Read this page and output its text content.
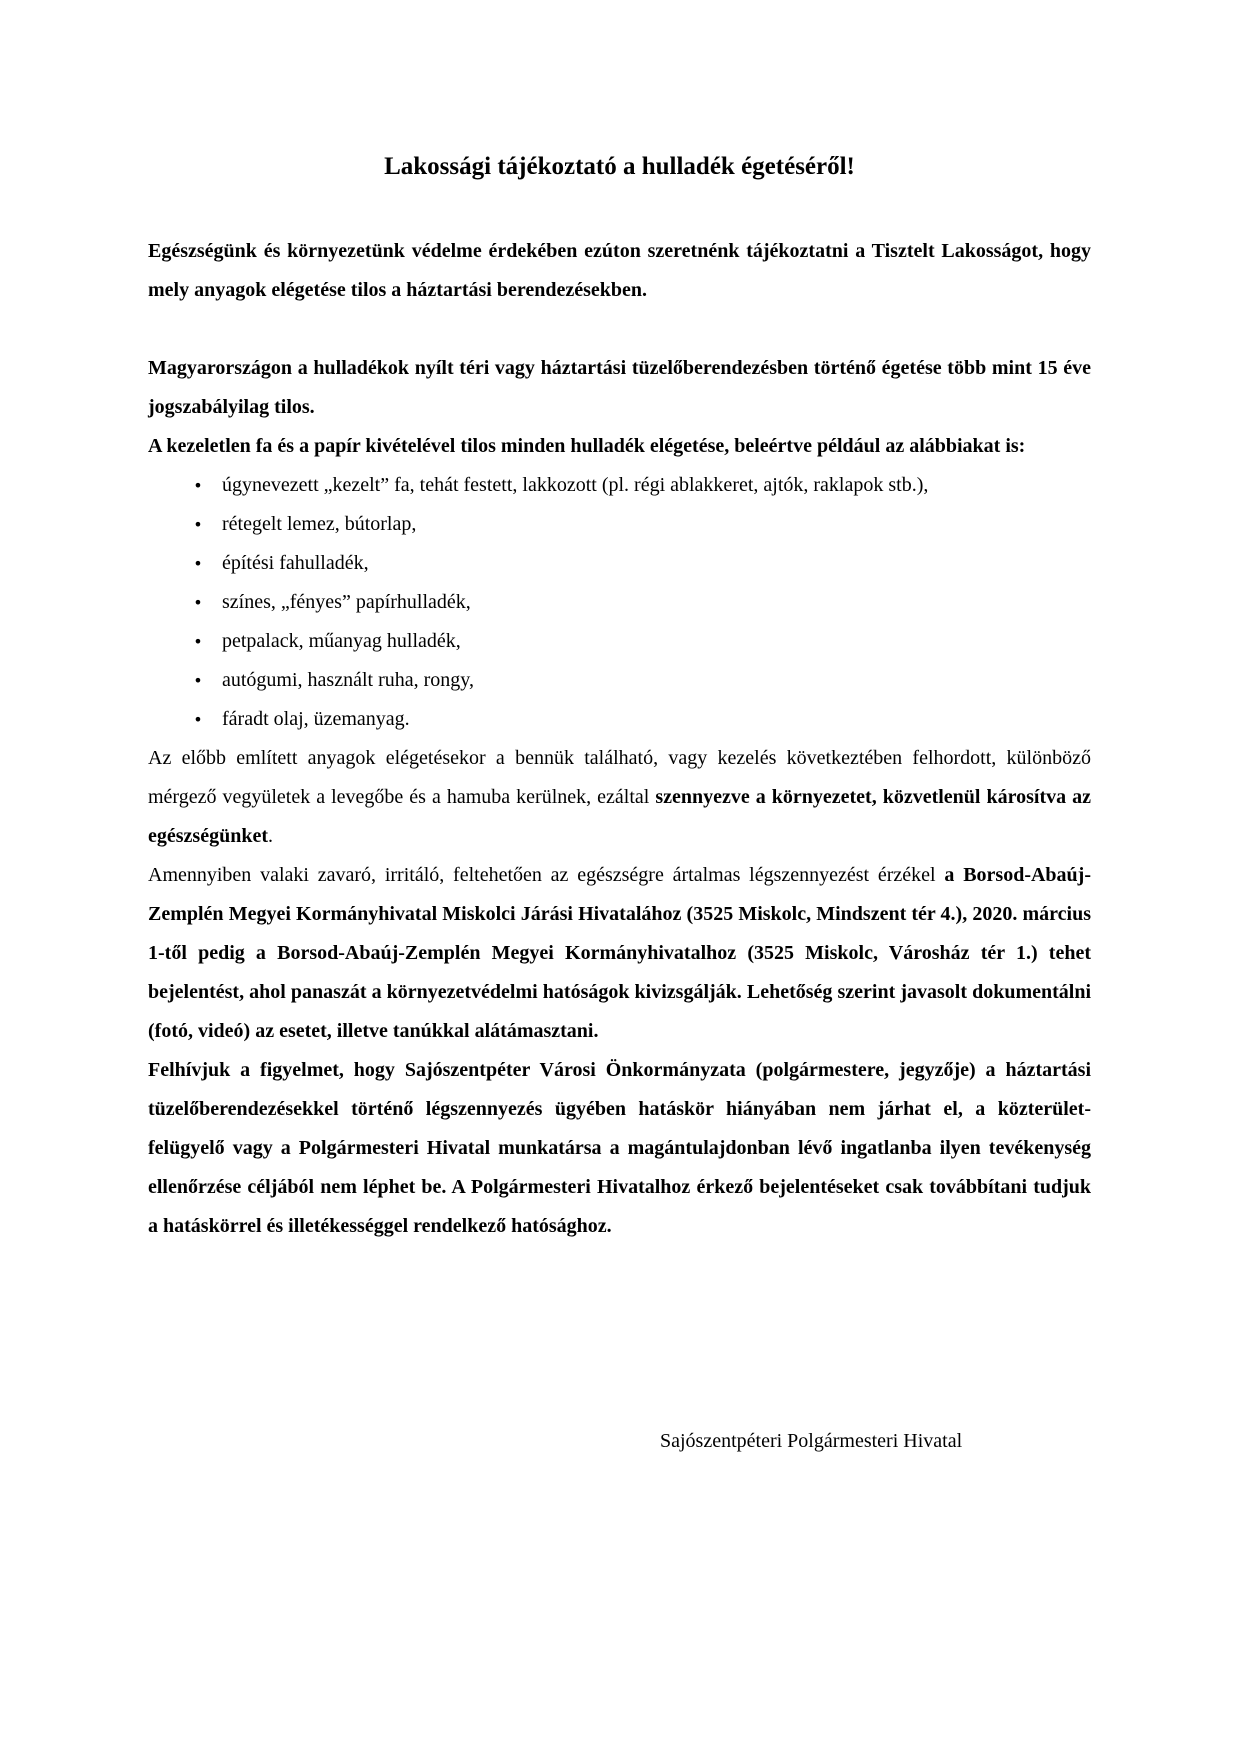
Lakossági tájékoztató a hulladék égetéséről!

Egészségünk és környezetünk védelme érdekében ezúton szeretnénk tájékoztatni a Tisztelt Lakosságot, hogy mely anyagok elégetése tilos a háztartási berendezésekben.

Magyarországon a hulladékok nyílt téri vagy háztartási tüzelőberendezésben történő égetése több mint 15 éve jogszabályilag tilos.

A kezeletlen fa és a papír kivételével tilos minden hulladék elégetése, beleértve például az alábbiakat is:

• úgynevezett „kezelt” fa, tehát festett, lakkozott (pl. régi ablakkeret, ajtók, raklapok stb.),
• rétegelt lemez, bútorlap,
• építési fahulladék,
• színes, „fényes” papírhulladék,
• petpalack, műanyag hulladék,
• autógumi, használt ruha, rongy,
• fáradt olaj, üzemanyag.

Az előbb említett anyagok elégetésekor a bennük található, vagy kezelés következtében felhordott, különböző mérgező vegyületek a levegőbe és a hamuba kerülnek, ezáltal szennyezve a környezetet, közvetlenül károsítva az egészségünket.

Amennyiben valaki zavaró, irritáló, feltehetően az egészségre ártalmas légszennyezést érzékel a Borsod-Abaúj-Zemplén Megyei Kormányhivatal Miskolci Járási Hivatalához (3525 Miskolc, Mindszent tér 4.), 2020. március 1-től pedig a Borsod-Abaúj-Zemplén Megyei Kormányhivatalhoz (3525 Miskolc, Városház tér 1.) tehet bejelentést, ahol panaszát a környezetvédelmi hatóságok kivizsgálják. Lehetőség szerint javasolt dokumentálni (fotó, videó) az esetet, illetve tanúkkal alátámasztani.

Felhívjuk a figyelmet, hogy Sajószentpéter Városi Önkormányzata (polgármestere, jegyzője) a háztartási tüzelőberendezésekkel történő légszennyezés ügyében hatáskör hiányában nem járhat el, a közterület-felügyelő vagy a Polgármesteri Hivatal munkatársa a magántulajdonban lévő ingatlanba ilyen tevékenység ellenőrzése céljából nem léphet be. A Polgármesteri Hivatalhoz érkező bejelentéseket csak továbbítani tudjuk a hatáskörrel és illetékességgel rendelkező hatósághoz.

Sajószentpéteri Polgármesteri Hivatal
